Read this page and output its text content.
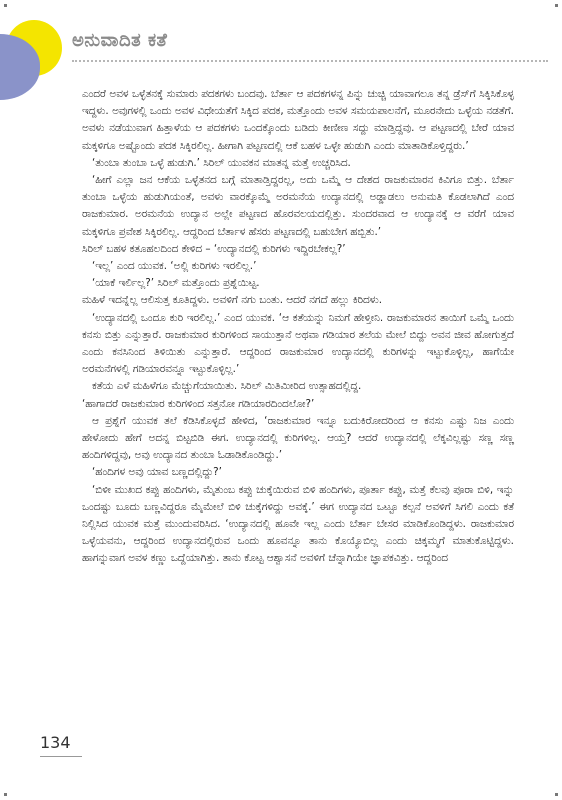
ಅನುವಾದಿತ ಕತೆ

ಎಂದರೆ ಅವಳ ಒಳ್ಳೆತನಕ್ಕೆ ಸುಮಾರು ಪದಕಗಳು ಬಂದವು. ಬೆರ್ತಾ ಆ ಪದಕಗಳನ್ನ ಪಿನ್ನು ಚುಚ್ಚಿ ಯಾವಾಗಲೂ ತನ್ನ ಡ್ರೆಸ್‌ಗೆ ಸಿಕ್ಕಿಸಿಕೊಳ್ಳ ಇದ್ದಳು. ಅವುಗಳಲ್ಲಿ ಒಂದು ಅವಳ ವಿಧೇಯತೆಗೆ ಸಿಕ್ಕಿದ ಪದಕ, ಮತ್ತೊಂದು ಅವಳ ಸಮಯಪಾಲನೆಗೆ, ಮೂರನೇದು ಒಳ್ಳೆಯ ನಡತೆಗೆ. ಅವಳು ನಡೆಯುವಾಗ ಹಿತ್ತಾಳೆಯ ಆ ಪದಕಗಳು ಒಂದಕ್ಕೊಂದು ಬಡಿದು ಕೀಣೀಣ ಸದ್ದು ಮಾಡ್ತಿದ್ದವು. ಆ ಪಟ್ಟಣದಲ್ಲಿ ಬೇರೆ ಯಾವ ಮಕ್ಕಳಿಗೂ ಅಷ್ಟೊಂದು ಪದಕ ಸಿಕ್ಕಿರಲಿಲ್ಲ. ಹೀಗಾಗಿ ಪಟ್ಟಣದಲ್ಲಿ ಆಕೆ ಬಹಳ ಒಳ್ಳೇ ಹುಡುಗಿ ಎಂದು ಮಾತಾಡಿಕೊಳ್ತಿದ್ದರು.’

‘ತುಂಬಾ ತುಂಬಾ ಒಳ್ಳೆ ಹುಡುಗಿ.’ ಸಿರಿಲ್ ಯುವಕನ ಮಾತನ್ನ ಮತ್ತೆ ಉಚ್ಚರಿಸಿದ.

‘ಹೀಗೆ ಎಲ್ಲಾ ಜನ ಆಕೆಯ ಒಳ್ಳೆತನದ ಬಗ್ಗೆ ಮಾತಾಡ್ತಿದ್ದರಲ್ಲ, ಅದು ಒಮ್ಮೆ ಆ ದೇಶದ ರಾಜಕುಮಾರನ ಕಿವಿಗೂ ಬಿತ್ತು. ಬೆರ್ತಾ ತುಂಬಾ ಒಳ್ಳೆಯ ಹುಡುಗಿಯಂತೆ, ಅವಳು ವಾರಕ್ಕೊಮ್ಮೆ ಅರಮನೆಯ ಉದ್ಯಾನದಲ್ಲಿ ಅಡ್ಡಾಡಲು ಅನುಮತಿ ಕೊಡಲಾಗಿದೆ ಎಂದ ರಾಜಕುಮಾರ. ಅರಮನೆಯ ಉದ್ಯಾನ ಅಲ್ಲೇ ಪಟ್ಟಣದ ಹೊರವಲಯದಲ್ಲಿತ್ತು. ಸುಂದರವಾದ ಆ ಉದ್ಯಾನಕ್ಕೆ ಆ ವರೆಗೆ ಯಾವ ಮಕ್ಕಳಿಗೂ ಪ್ರವೇಶ ಸಿಕ್ಕಿರಲಿಲ್ಲ. ಆದ್ದರಿಂದ ಬೆರ್ತಾಳ ಹೆಸರು ಪಟ್ಟಣದಲ್ಲಿ ಬಹುಬೇಗ ಹಬ್ಬಿತು.’

ಸಿರಿಲ್ ಬಹಳ ಕತೂಹಲದಿಂದ ಕೇಳಿದ – ‘ಉದ್ಯಾನದಲ್ಲಿ ಕುರಿಗಳು ಇದ್ದಿರಬೇಕಲ್ಲ?’

‘ಇಲ್ಲ’ ಎಂದ ಯುವಕ. ‘ಅಲ್ಲಿ ಕುರಿಗಳು ಇರಲಿಲ್ಲ.’

‘ಯಾಕೆ ಇರ್ಲಿಲ್ಲ?’ ಸಿರಿಲ್ ಮತ್ತೊಂದು ಪ್ರಶ್ನೆಯಿಟ್ಟ.

ಮಹಿಳೆ ಇದನ್ನೆಲ್ಲ ಆಲಿಸುತ್ತ ಕೂತಿದ್ದಳು. ಅವಳಿಗೆ ನಗು ಬಂತು. ಆದರೆ ನಗದೆ ಹಲ್ಲು ಕಿರಿದಳು.

‘ಉದ್ಯಾನದಲ್ಲಿ ಒಂದೂ ಕುರಿ ಇರಲಿಲ್ಲ.’ ಎಂದ ಯುವಕ. ‘ಆ ಕತೆಯನ್ನು ನಿಮಗೆ ಹೇಳ್ತೀನಿ. ರಾಜಕುಮಾರನ ತಾಯಿಗೆ ಒಮ್ಮೆ ಒಂದು ಕನಸು ಬಿತ್ತು ಎನ್ನುತ್ತಾರೆ. ರಾಜಕುಮಾರ ಕುರಿಗಳಿಂದ ಸಾಯುತ್ತಾನೆ ಅಥವಾ ಗಡಿಯಾರ ತಲೆಯ ಮೇಲೆ ಬಿದ್ದು ಅವನ ಜೀವ ಹೋಗುತ್ತದೆ ಎಂದು ಕನಸಿನಿಂದ ತಿಳಿಯಿತು ಎನ್ನುತ್ತಾರೆ. ಆದ್ದರಿಂದ ರಾಜಕುಮಾರ ಉದ್ಯಾನದಲ್ಲಿ ಕುರಿಗಳನ್ನು ಇಟ್ಟುಕೊಳ್ಳಿಲ್ಲ, ಹಾಗೆಯೇ ಅರಮನೆಗಳಲ್ಲಿ ಗಡಿಯಾರವನ್ನೂ ಇಟ್ಟುಕೊಳ್ಳಿಲ್ಲ.’

ಕತೆಯ ಎಳೆ ಮಹಿಳೆಗೂ ಮೆಚ್ಚುಗೆಯಾಯಿತು. ಸಿರಿಲ್ ಮಿತಿಮೀರಿದ ಉತ್ಸಾಹದಲ್ಲಿದ್ದ.

‘ಹಾಗಾದರೆ ರಾಜಕುಮಾರ ಕುರಿಗಳಿಂದ ಸತ್ತನೋ ಗಡಿಯಾರದಿಂದಲೋ?’

ಆ ಪ್ರಶ್ನೆಗೆ ಯುವಕ ತಲೆ ಕೆಡಿಸಿಕೊಳ್ಳದೆ ಹೇಳಿದ, ‘ರಾಜಕುಮಾರ ಇನ್ನೂ ಬದುಕಿರೋದರಿಂದ ಆ ಕನಸು ಎಷ್ಟು ನಿಜ ಎಂದು ಹೇಳೋದು ಹೇಗೆ ಅದನ್ನ ಬಿಟ್ಟಬಿಡಿ ಈಗ. ಉದ್ಯಾನದಲ್ಲಿ ಕುರಿಗಳಿಲ್ಲ. ಆಯ್ತ? ಆದರೆ ಉದ್ಯಾನದಲ್ಲಿ ಲೆಕ್ಕವಿಲ್ಲಷ್ಟು ಸಣ್ಣ ಸಣ್ಣ ಹಂದಿಗಳಿದ್ದವು, ಅವು ಉದ್ಯಾನದ ತುಂಬಾ ಓಡಾಡಿಕೊಂಡಿದ್ದು.’

‘ಹಂದಿಗಳ ಅವು ಯಾವ ಬಣ್ಣದಲ್ಲಿದ್ದು?’

‘ಬಿಳೀ ಮುಖದ ಕಪ್ಪು ಹಂದಿಗಳು, ಮೈತುಂಬ ಕಪ್ಪು ಚುಕ್ಕೆಯಿರುವ ಬಿಳಿ ಹಂದಿಗಳು, ಪೂರ್ತಾ ಕಪ್ಪು, ಮತ್ತೆ ಕೆಲವು ಪೂರಾ ಬಿಳಿ, ಇನ್ನು ಒಂದಷ್ಟು ಬೂದು ಬಣ್ಣವಿದ್ದರೂ ಮೈಮೇಲೆ ಬಿಳಿ ಚುಕ್ಕೆಗಳಿದ್ದು ಅವಕ್ಕೆ.’ ಈಗ ಉದ್ಯಾನದ ಒಟ್ಟೂ ಕಲ್ಪನೆ ಅವಳಿಗೆ ಸಿಗಲಿ ಎಂದು ಕತೆ ನಿಲ್ಲಿಸಿದ ಯುವಕ ಮತ್ತೆ ಮುಂದುವರಿಸಿದ. ‘ಉದ್ಯಾನದಲ್ಲಿ ಹೂವೇ ಇಲ್ಲ ಎಂದು ಬೆರ್ತಾ ಬೇಸರ ಮಾಡಿಕೊಂಡಿದ್ದಳು. ರಾಜಕುಮಾರ ಒಳ್ಳೆಯವನು, ಆದ್ದರಿಂದ ಉದ್ಯಾನದಲ್ಲಿರುವ ಒಂದು ಹೂವನ್ನೂ ತಾನು ಕೊಯ್ಯೊಬಿಲ್ಲ ಎಂದು ಚಿಕ್ಕಮ್ಮಗೆ ಮಾತುಕೊಟ್ಟಿದ್ದಳು. ಹಾಗನ್ನುವಾಗ ಅವಳ ಕಣ್ಣು ಒದ್ದೆಯಾಗಿತ್ತು. ತಾನು ಕೊಟ್ಟ ಆಶ್ವಾಸನೆ ಅವಳಿಗೆ ಚೆನ್ನಾಗಿಯೇ ಜ್ಞಾಪಕವಿತ್ತು. ಆದ್ದರಿಂದ

134
